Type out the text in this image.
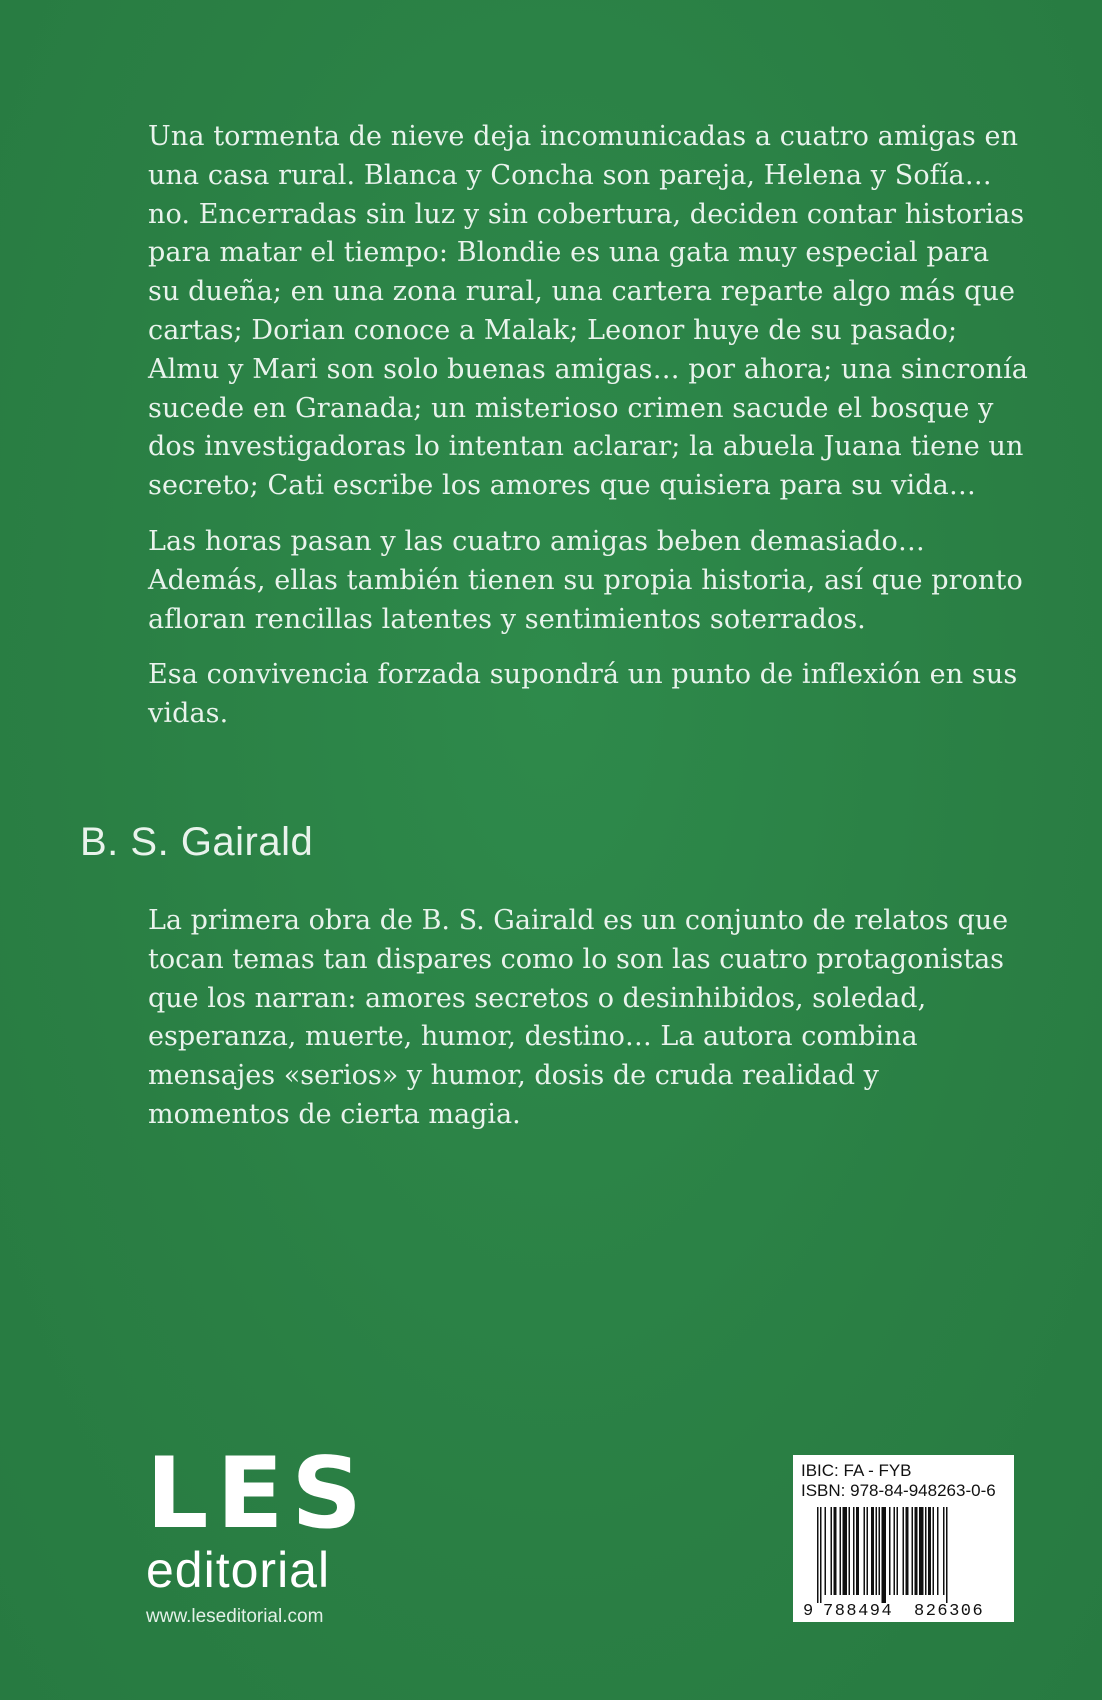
Una tormenta de nieve deja incomunicadas a cuatro amigas en una casa rural. Blanca y Concha son pareja, Helena y Sofía… no. Encerradas sin luz y sin cobertura, deciden contar historias para matar el tiempo: Blondie es una gata muy especial para su dueña; en una zona rural, una cartera reparte algo más que cartas; Dorian conoce a Malak; Leonor huye de su pasado; Almu y Mari son solo buenas amigas… por ahora; una sincronía sucede en Granada; un misterioso crimen sacude el bosque y dos investigadoras lo intentan aclarar; la abuela Juana tiene un secreto; Cati escribe los amores que quisiera para su vida…

Las horas pasan y las cuatro amigas beben demasiado… Además, ellas también tienen su propia historia, así que pronto afloran rencillas latentes y sentimientos soterrados.

Esa convivencia forzada supondrá un punto de inflexión en sus vidas.

B. S. Gairald

La primera obra de B. S. Gairald es un conjunto de relatos que tocan temas tan dispares como lo son las cuatro protagonistas que los narran: amores secretos o desinhibidos, soledad, esperanza, muerte, humor, destino… La autora combina mensajes «serios» y humor, dosis de cruda realidad y momentos de cierta magia.

LES
editorial
www.leseditorial.com
IBIC: FA - FYB
ISBN: 978-84-948263-0-6
9 788494 826306
